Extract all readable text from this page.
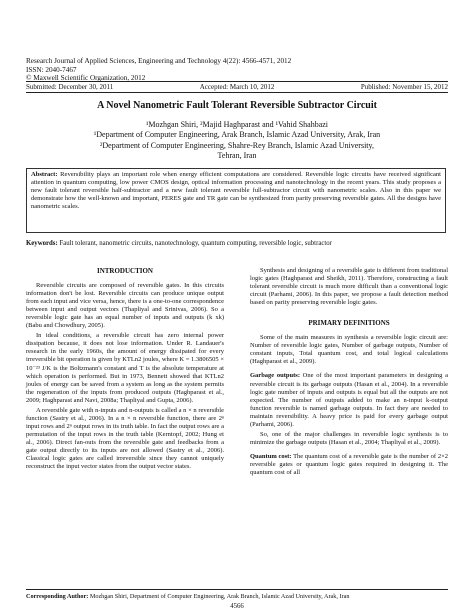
Research Journal of Applied Sciences, Engineering and Technology 4(22): 4566-4571, 2012
ISSN: 2040-7467
© Maxwell Scientific Organization, 2012
Submitted: December 30, 2011	Accepted: March 10, 2012	Published: November 15, 2012
A Novel Nanometric Fault Tolerant Reversible Subtractor Circuit
¹Mozhgan Shiri, ²Majid Haghparast and ¹Vahid Shahbazi
¹Department of Computer Engineering, Arak Branch, Islamic Azad University, Arak, Iran
²Department of Computer Engineering, Shahre-Rey Branch, Islamic Azad University,
Tehran, Iran
Abstract: Reversibility plays an important role when energy efficient computations are considered. Reversible logic circuits have received significant attention in quantum computing, low power CMOS design, optical information processing and nanotechnology in the recent years. This study proposes a new fault tolerant reversible half-subtractor and a new fault tolerant reversible full-subtractor circuit with nanometric scales. Also in this paper we demonstrate how the well-known and important, PERES gate and TR gate can be synthesized from parity preserving reversible gates. All the designs have nanometric scales.
Keywords: Fault tolerant, nanometric circuits, nanotechnology, quantum computing, reversible logic, subtractor
INTRODUCTION

Reversible circuits are composed of reversible gates. In this circuits information don't be lost. Reversible circuits can produce unique output from each input and vice versa, hence, there is a one-to-one correspondence between input and output vectors (Thapliyal and Srinivas, 2006). So a reversible logic gate has an equal number of inputs and outputs (k xk) (Babu and Chowdhury, 2005).

In ideal conditions, a reversible circuit has zero internal power dissipation because, it does not lose information. Under R. Landauer's research in the early 1960s, the amount of energy dissipated for every irreversible bit operation is given by KTLn2 joules, where K = 1.3806505 × 10⁻²³ J/K is the Boltzmann's constant and T is the absolute temperature at which operation is performed. But in 1973, Bennett showed that KTLn2 joules of energy can be saved from a system as long as the system permits the regeneration of the inputs from produced outputs (Haghparast et al., 2009; Haghparast and Navi, 2008a; Thapliyal and Gupta, 2006).

A reversible gate with n-inputs and n-outputs is called a n × n reversible function (Sastry et al., 2006). In a n × n reversible function, there are 2ⁿ input rows and 2ⁿ output rows in its truth table. In fact the output rows are a permutation of the input rows in the truth table (Kerntopf, 2002; Hung et al., 2006). Direct fan-outs from the reversible gate and feedbacks from a gate output directly to its inputs are not allowed (Sastry et al., 2006). Classical logic gates are called irreversible since they cannot uniquely reconstruct the input vector states from the output vector states.

Synthesis and designing of a reversible gate is different from traditional logic gates (Haghparast and Sheikh, 2011). Therefore, constructing a fault tolerant reversible circuit is much more difficult than a conventional logic circuit (Parhami, 2006). In this paper, we propose a fault detection method based on parity preserving reversible logic gates.

PRIMARY DEFINITIONS

Some of the main measures in synthesis a reversible logic circuit are: Number of reversible logic gates, Number of garbage outputs, Number of constant inputs, Total quantum cost, and total logical calculations (Haghparast et al., 2009).

Garbage outputs: One of the most important parameters in designing a reversible circuit is its garbage outputs (Hasan et al., 2004). In a reversible logic gate number of inputs and outputs is equal but all the outputs are not expected. The number of outputs added to make an n-input k-output function reversible is named garbage outputs. In fact they are needed to maintain reversibility. A heavy price is paid for every garbage output (Parhami, 2006).

So, one of the major challenges in reversible logic synthesis is to minimize the garbage outputs (Hasan et al., 2004; Thapliyal et al., 2009).

Quantum cost: The quantum cost of a reversible gate is the number of 2×2 reversible gates or quantum logic gates required in designing it. The quantum cost of all

Corresponding Author: Mozhgan Shiri, Department of Computer Engineering, Arak Branch, Islamic Azad University, Arak, Iran
4566
